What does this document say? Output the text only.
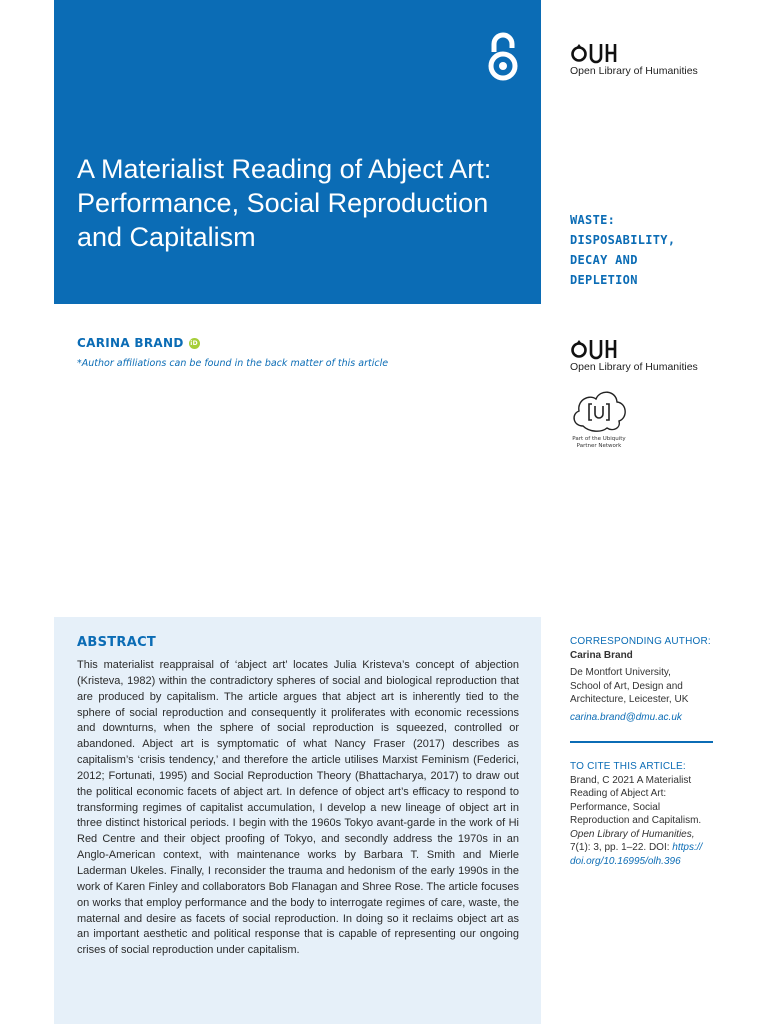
A Materialist Reading of Abject Art: Performance, Social Reproduction and Capitalism
Open Library of Humanities

WASTE:
DISPOSABILITY,
DECAY AND
DEPLETION

CARINA BRAND iD
*Author affiliations can be found in the back matter of this article	Open Library of Humanities
Part of the Ubiquity
Partner Network
ABSTRACT

This materialist reappraisal of ‘abject art’ locates Julia Kristeva’s concept of abjection (Kristeva, 1982) within the contradictory spheres of social and biological reproduction that are produced by capitalism. The article argues that abject art is inherently tied to the sphere of social reproduction and consequently it proliferates with economic recessions and downturns, when the sphere of social reproduction is squeezed, controlled or abandoned. Abject art is symptomatic of what Nancy Fraser (2017) describes as capitalism’s ‘crisis tendency,’ and therefore the article utilises Marxist Feminism (Federici, 2012; Fortunati, 1995) and Social Reproduction Theory (Bhattacharya, 2017) to draw out the political economic facets of abject art. In defence of object art’s efficacy to respond to transforming regimes of capitalist accumulation, I develop a new lineage of object art in three distinct historical periods. I begin with the 1960s Tokyo avant-garde in the work of Hi Red Centre and their object proofing of Tokyo, and secondly address the 1970s in an Anglo-American context, with maintenance works by Barbara T. Smith and Mierle Laderman Ukeles. Finally, I reconsider the trauma and hedonism of the early 1990s in the work of Karen Finley and collaborators Bob Flanagan and Shree Rose. The article focuses on works that employ performance and the body to interrogate regimes of care, waste, the maternal and desire as facets of social reproduction. In doing so it reclaims object art as an important aesthetic and political response that is capable of representing our ongoing crises of social reproduction under capitalism.

CORRESPONDING AUTHOR:
Carina Brand
De Montfort University,
School of Art, Design and
Architecture, Leicester, UK
carina.brand@dmu.ac.uk
TO CITE THIS ARTICLE:
Brand, C 2021 A Materialist
Reading of Abject Art:
Performance, Social
Reproduction and Capitalism.
Open Library of Humanities,
7(1): 3, pp. 1–22. DOI: https://
doi.org/10.16995/olh.396
